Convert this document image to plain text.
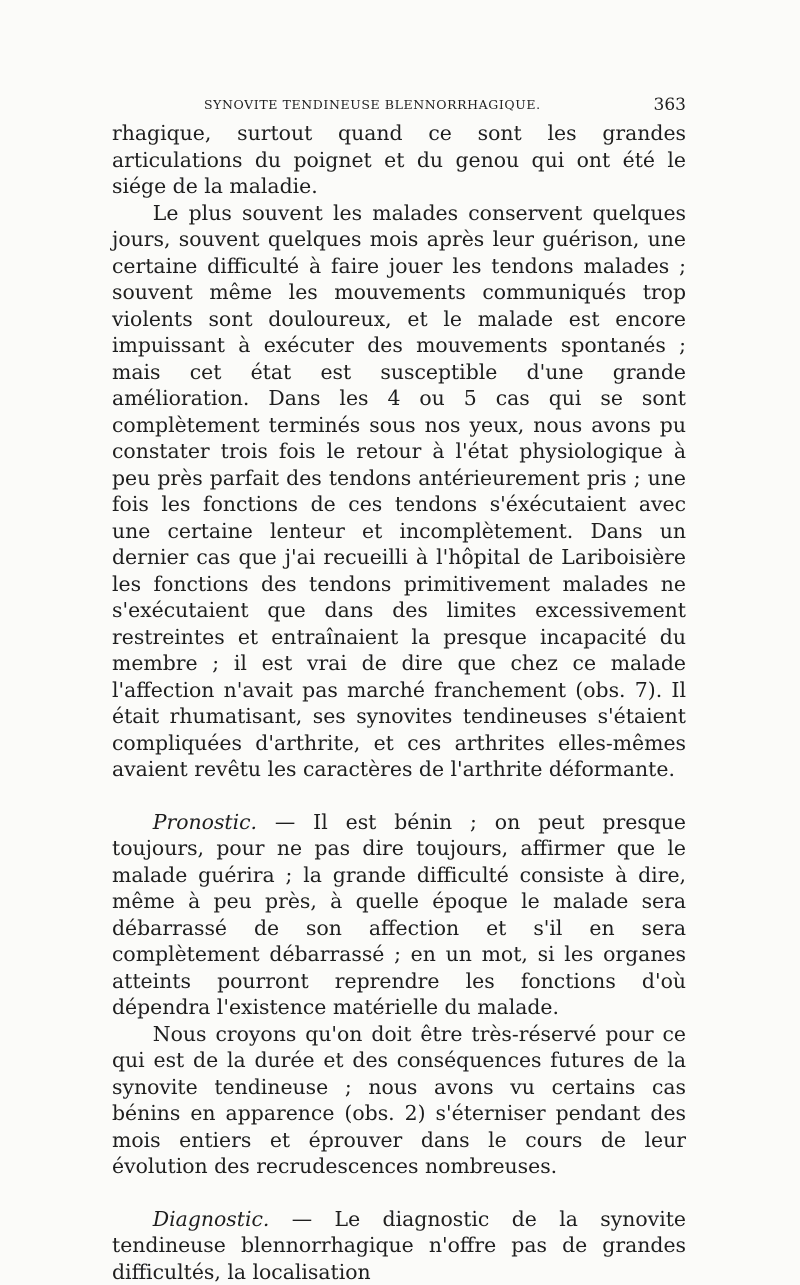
SYNOVITE TENDINEUSE BLENNORRHAGIQUE.	363

rhagique, surtout quand ce sont les grandes articulations du poignet et du genou qui ont été le siége de la maladie.

Le plus souvent les malades conservent quelques jours, souvent quelques mois après leur guérison, une certaine difficulté à faire jouer les tendons malades ; souvent même les mouvements communiqués trop violents sont douloureux, et le malade est encore impuissant à exécuter des mouvements spontanés ; mais cet état est susceptible d'une grande amélioration. Dans les 4 ou 5 cas qui se sont complètement terminés sous nos yeux, nous avons pu constater trois fois le retour à l'état physiologique à peu près parfait des tendons antérieurement pris ; une fois les fonctions de ces tendons s'éxécutaient avec une certaine lenteur et incomplètement. Dans un dernier cas que j'ai recueilli à l'hôpital de Lariboisière les fonctions des tendons primitivement malades ne s'exécutaient que dans des limites excessivement restreintes et entraînaient la presque incapacité du membre ; il est vrai de dire que chez ce malade l'affection n'avait pas marché franchement (obs. 7). Il était rhumatisant, ses synovites tendineuses s'étaient compliquées d'arthrite, et ces arthrites elles-mêmes avaient revêtu les caractères de l'arthrite déformante.

Pronostic. — Il est bénin ; on peut presque toujours, pour ne pas dire toujours, affirmer que le malade guérira ; la grande difficulté consiste à dire, même à peu près, à quelle époque le malade sera débarrassé de son affection et s'il en sera complètement débarrassé ; en un mot, si les organes atteints pourront reprendre les fonctions d'où dépendra l'existence matérielle du malade.

Nous croyons qu'on doit être très-réservé pour ce qui est de la durée et des conséquences futures de la synovite tendineuse ; nous avons vu certains cas bénins en apparence (obs. 2) s'éterniser pendant des mois entiers et éprouver dans le cours de leur évolution des recrudescences nombreuses.

Diagnostic. — Le diagnostic de la synovite tendineuse blennorrhagique n'offre pas de grandes difficultés, la localisation
